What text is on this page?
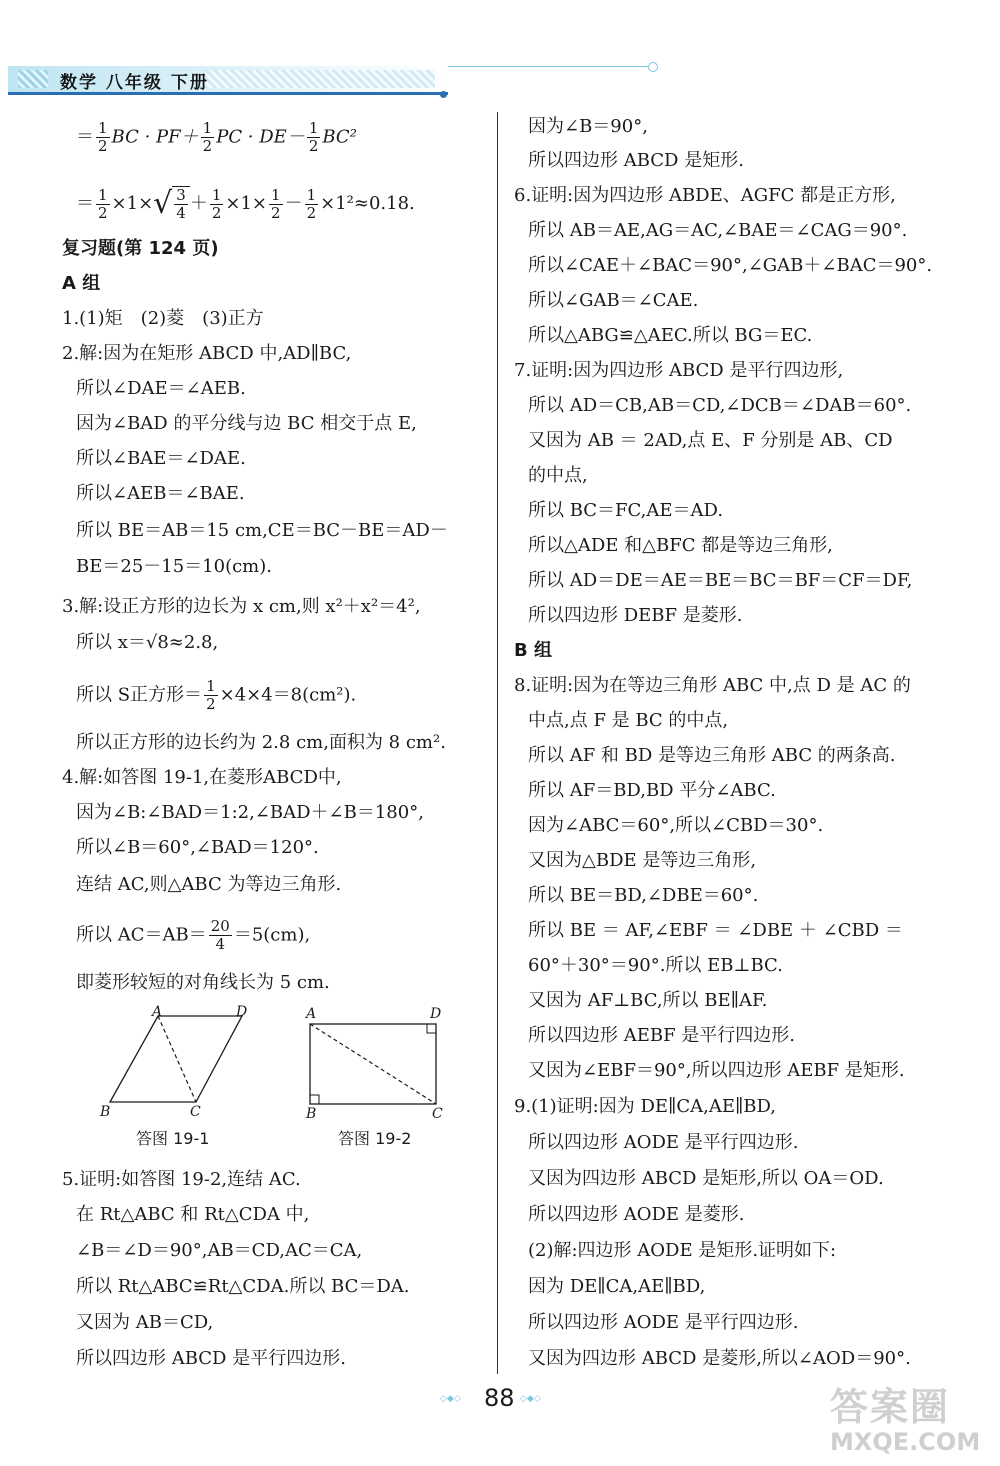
数学 八年级 下册
＝ $\frac{1}{2}$ BC · $PF+ \frac{1}{2}$ PC · $DE- \frac{1}{2} BC^2$
＝ $\frac{1}{2} \times 1\times√ \frac{3}{4} + \frac{1}{2} \times 1\times \frac{1}{2} - \frac{1}{2} \times 1^2\approx 0.18$.
复习题(第 124 页)
A 组
1.(1)矩　(2)菱　(3)正方
2.解:因为在矩形 ABCD 中,AD∥BC,
所以∠DAE＝∠AEB.
因为∠BAD 的平分线与边 BC 相交于点 E,
所以∠BAE＝∠DAE.
所以∠AEB＝∠BAE.
所以 BE＝AB＝15 cm,CE＝BC－BE＝AD－
BE＝25－15＝10(cm).
3.解:设正方形的边长为 x cm,则 x²＋x²＝4²,
所以 x＝√8≈2.8,
所以 S正方形＝ $\frac{1}{2} \times 4\times 4=8(cm^2)$.
所以正方形的边长约为 2.8 cm,面积为 8 cm².
4.解:如答图 19-1,在菱形ABCD中,
因为∠B:∠BAD＝1:2,∠BAD＋∠B＝180°,
所以∠B＝60°,∠BAD＝120°.
连结 AC,则△ABC 为等边三角形.
所以 $AC=AB= \frac{20}{4} =5(cm)$,
即菱形较短的对角线长为 5 cm.
A	D
B	C
答图 19-1
A	D
B	C
答图 19-2
5.证明:如答图 19-2,连结 AC.
在 Rt△ABC 和 Rt△CDA 中,
∠B＝∠D＝90°,AB＝CD,AC＝CA,
所以 Rt△ABC≌Rt△CDA.所以 BC＝DA.
又因为 AB＝CD,
所以四边形 ABCD 是平行四边形.
因为∠B＝90°,
所以四边形 ABCD 是矩形.
6.证明:因为四边形 ABDE、AGFC 都是正方形,
所以 AB＝AE,AG＝AC,∠BAE＝∠CAG＝90°.
所以∠CAE＋∠BAC＝90°,∠GAB＋∠BAC＝90°.
所以∠GAB＝∠CAE.
所以△ABG≌△AEC.所以 BG＝EC.
7.证明:因为四边形 ABCD 是平行四边形,
所以 AD＝CB,AB＝CD,∠DCB＝∠DAB＝60°.
又因为 AB ＝ 2AD,点 E、F 分别是 AB、CD
的中点,
所以 BC＝FC,AE＝AD.
所以△ADE 和△BFC 都是等边三角形,
所以 AD＝DE＝AE＝BE＝BC＝BF＝CF＝DF,
所以四边形 DEBF 是菱形.
B 组
8.证明:因为在等边三角形 ABC 中,点 D 是 AC 的
中点,点 F 是 BC 的中点,
所以 AF 和 BD 是等边三角形 ABC 的两条高.
所以 AF＝BD,BD 平分∠ABC.
因为∠ABC＝60°,所以∠CBD＝30°.
又因为△BDE 是等边三角形,
所以 BE＝BD,∠DBE＝60°.
所以 BE ＝ AF,∠EBF ＝ ∠DBE ＋ ∠CBD ＝
60°＋30°＝90°.所以 EB⊥BC.
又因为 AF⊥BC,所以 BE∥AF.
所以四边形 AEBF 是平行四边形.
又因为∠EBF＝90°,所以四边形 AEBF 是矩形.
9.(1)证明:因为 DE∥CA,AE∥BD,
所以四边形 AODE 是平行四边形.
又因为四边形 ABCD 是矩形,所以 OA＝OD.
所以四边形 AODE 是菱形.
(2)解:四边形 AODE 是矩形.证明如下:
因为 DE∥CA,AE∥BD,
所以四边形 AODE 是平行四边形.
又因为四边形 ABCD 是菱形,所以∠AOD＝90°.
◇◆◇ 88 ◇◆◇	答案圈
MXQE.COM
